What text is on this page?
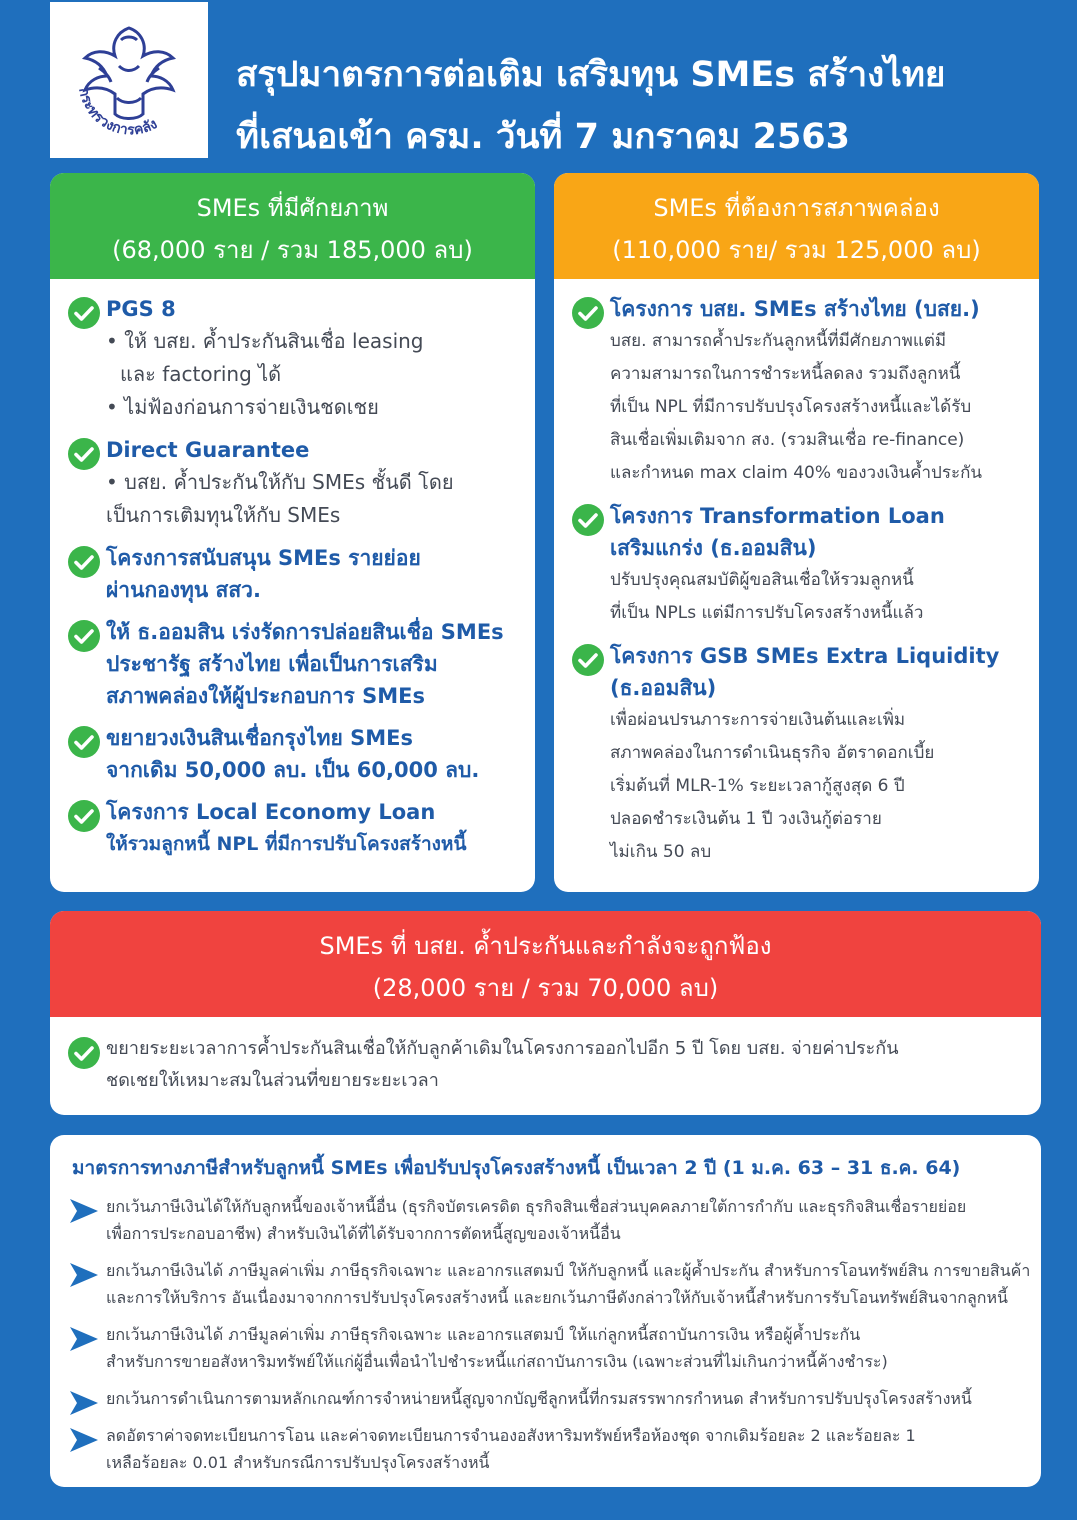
กระทรวงการคลัง
สรุปมาตรการต่อเติม เสริมทุน SMEs สร้างไทย
ที่เสนอเข้า ครม. วันที่ 7 มกราคม 2563
SMEs ที่มีศักยภาพ
(68,000 ราย / รวม 185,000 ลบ)
PGS 8
• ให้ บสย. ค้ำประกันสินเชื่อ leasing
และ factoring ได้
• ไม่ฟ้องก่อนการจ่ายเงินชดเชย
Direct Guarantee
• บสย. ค้ำประกันให้กับ SMEs ชั้นดี โดย
เป็นการเติมทุนให้กับ SMEs
โครงการสนับสนุน SMEs รายย่อย
ผ่านกองทุน สสว.
ให้ ธ.ออมสิน เร่งรัดการปล่อยสินเชื่อ SMEs
ประชารัฐ สร้างไทย เพื่อเป็นการเสริม
สภาพคล่องให้ผู้ประกอบการ SMEs
ขยายวงเงินสินเชื่อกรุงไทย SMEs
จากเดิม 50,000 ลบ. เป็น 60,000 ลบ.
โครงการ Local Economy Loan
ให้รวมลูกหนี้ NPL ที่มีการปรับโครงสร้างหนี้
SMEs ที่ต้องการสภาพคล่อง
(110,000 ราย/ รวม 125,000 ลบ)
โครงการ บสย. SMEs สร้างไทย (บสย.)
บสย. สามารถค้ำประกันลูกหนี้ที่มีศักยภาพแต่มี
ความสามารถในการชำระหนี้ลดลง รวมถึงลูกหนี้
ที่เป็น NPL ที่มีการปรับปรุงโครงสร้างหนี้และได้รับ
สินเชื่อเพิ่มเติมจาก สง. (รวมสินเชื่อ re-finance)
และกำหนด max claim 40% ของวงเงินค้ำประกัน
โครงการ Transformation Loan
เสริมแกร่ง (ธ.ออมสิน)
ปรับปรุงคุณสมบัติผู้ขอสินเชื่อให้รวมลูกหนี้
ที่เป็น NPLs แต่มีการปรับโครงสร้างหนี้แล้ว
โครงการ GSB SMEs Extra Liquidity
(ธ.ออมสิน)
เพื่อผ่อนปรนภาระการจ่ายเงินต้นและเพิ่ม
สภาพคล่องในการดำเนินธุรกิจ อัตราดอกเบี้ย
เริ่มต้นที่ MLR-1% ระยะเวลากู้สูงสุด 6 ปี
ปลอดชำระเงินต้น 1 ปี วงเงินกู้ต่อราย
ไม่เกิน 50 ลบ
SMEs ที่ บสย. ค้ำประกันและกำลังจะถูกฟ้อง
(28,000 ราย / รวม 70,000 ลบ)
ขยายระยะเวลาการค้ำประกันสินเชื่อให้กับลูกค้าเดิมในโครงการออกไปอีก 5 ปี โดย บสย. จ่ายค่าประกัน
ชดเชยให้เหมาะสมในส่วนที่ขยายระยะเวลา
มาตรการทางภาษีสำหรับลูกหนี้ SMEs เพื่อปรับปรุงโครงสร้างหนี้ เป็นเวลา 2 ปี (1 ม.ค. 63 – 31 ธ.ค. 64)
ยกเว้นภาษีเงินได้ให้กับลูกหนี้ของเจ้าหนี้อื่น (ธุรกิจบัตรเครดิต ธุรกิจสินเชื่อส่วนบุคคลภายใต้การกำกับ และธุรกิจสินเชื่อรายย่อย
เพื่อการประกอบอาชีพ) สำหรับเงินได้ที่ได้รับจากการตัดหนี้สูญของเจ้าหนี้อื่น
ยกเว้นภาษีเงินได้ ภาษีมูลค่าเพิ่ม ภาษีธุรกิจเฉพาะ และอากรแสตมป์ ให้กับลูกหนี้ และผู้ค้ำประกัน สำหรับการโอนทรัพย์สิน การขายสินค้า
และการให้บริการ อันเนื่องมาจากการปรับปรุงโครงสร้างหนี้ และยกเว้นภาษีดังกล่าวให้กับเจ้าหนี้สำหรับการรับโอนทรัพย์สินจากลูกหนี้
ยกเว้นภาษีเงินได้ ภาษีมูลค่าเพิ่ม ภาษีธุรกิจเฉพาะ และอากรแสตมป์ ให้แก่ลูกหนี้สถาบันการเงิน หรือผู้ค้ำประกัน
สำหรับการขายอสังหาริมทรัพย์ให้แก่ผู้อื่นเพื่อนำไปชำระหนี้แก่สถาบันการเงิน (เฉพาะส่วนที่ไม่เกินกว่าหนี้ค้างชำระ)
ยกเว้นการดำเนินการตามหลักเกณฑ์การจำหน่ายหนี้สูญจากบัญชีลูกหนี้ที่กรมสรรพากรกำหนด สำหรับการปรับปรุงโครงสร้างหนี้
ลดอัตราค่าจดทะเบียนการโอน และค่าจดทะเบียนการจำนองอสังหาริมทรัพย์หรือห้องชุด จากเดิมร้อยละ 2 และร้อยละ 1
เหลือร้อยละ 0.01 สำหรับกรณีการปรับปรุงโครงสร้างหนี้
